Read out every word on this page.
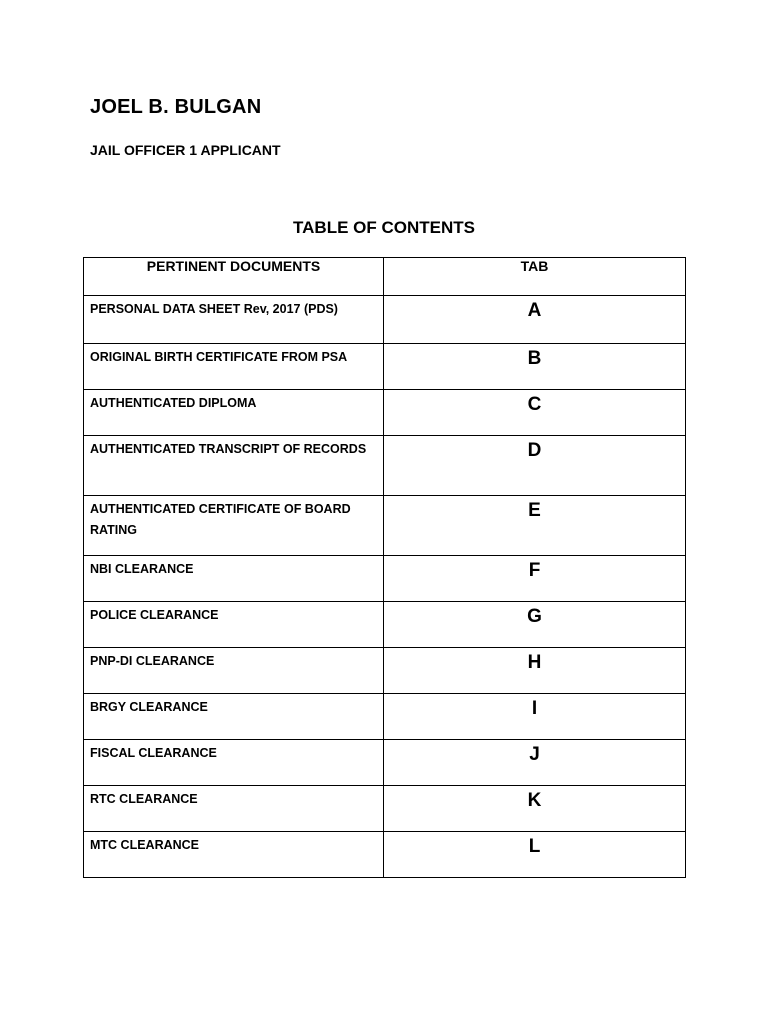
JOEL B. BULGAN
JAIL OFFICER 1 APPLICANT
TABLE OF CONTENTS
PERTINENT DOCUMENTS	TAB
PERSONAL DATA SHEET Rev, 2017 (PDS)	A
ORIGINAL BIRTH CERTIFICATE FROM PSA	B
AUTHENTICATED DIPLOMA	C
AUTHENTICATED TRANSCRIPT OF RECORDS	D
AUTHENTICATED CERTIFICATE OF BOARD RATING	E
NBI CLEARANCE	F
POLICE CLEARANCE	G
PNP-DI CLEARANCE	H
BRGY CLEARANCE	I
FISCAL CLEARANCE	J
RTC CLEARANCE	K
MTC CLEARANCE	L
